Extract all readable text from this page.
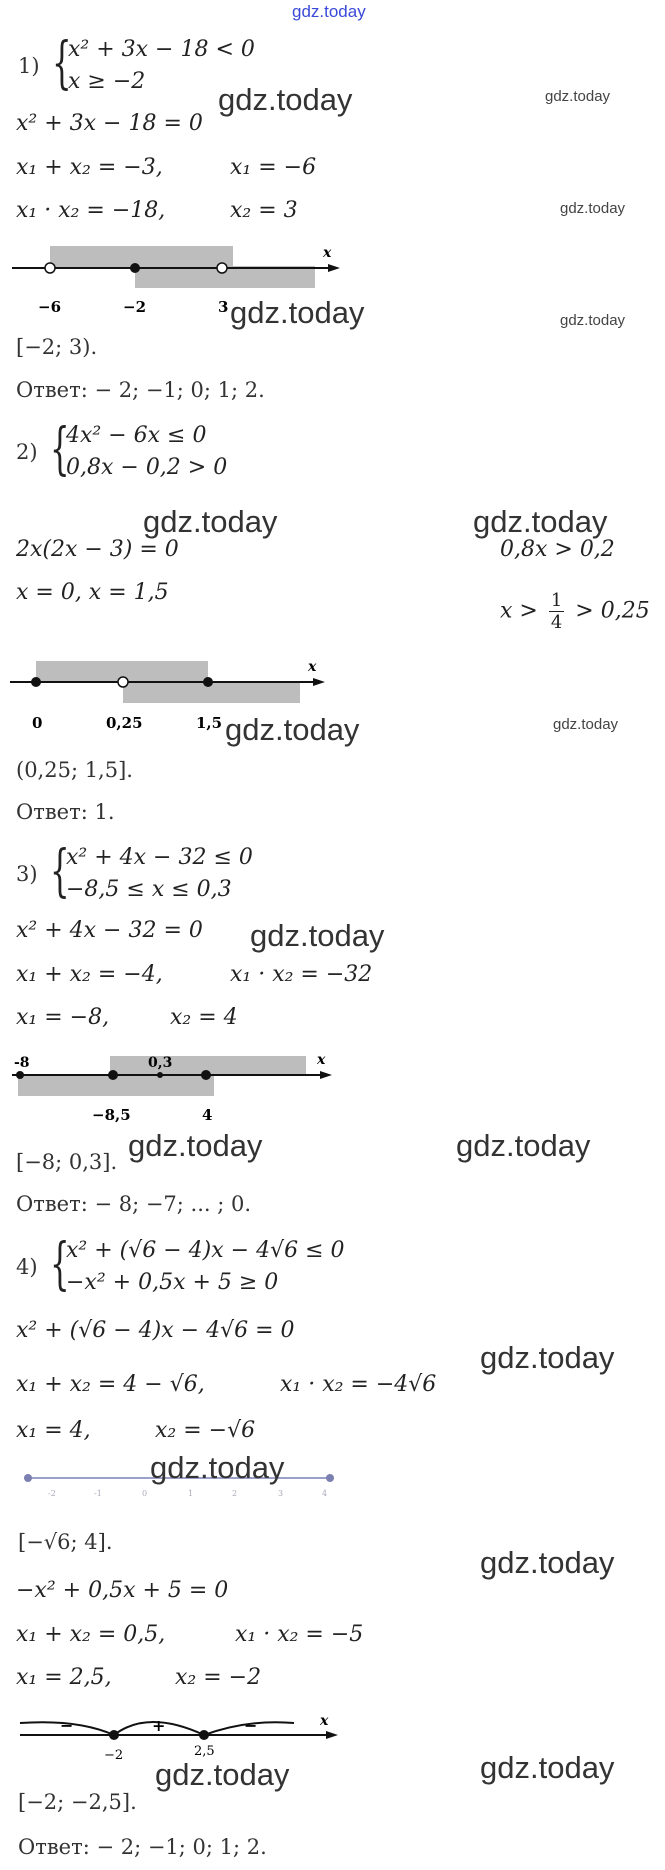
gdz.today
1) {
x² + 3x − 18 < 0
x ≥ −2
x² + 3x − 18 = 0
x₁ + x₂ = −3,	x₁ = −6
x₁ · x₂ = −18,	x₂ = 3
x
−6	−2	3
[−2; 3).
Ответ: − 2; −1; 0; 1; 2.
2) {
4x² − 6x ≤ 0
0,8x − 0,2 > 0
2x(2x − 3) = 0
x = 0, x = 1,5
0,8x > 0,2
$x > \frac{1}{4} > 0,25$
x
0	0,25	1,5
(0,25; 1,5].
Ответ: 1.
3) {
x² + 4x − 32 ≤ 0
−8,5 ≤ x ≤ 0,3
x² + 4x − 32 = 0
x₁ + x₂ = −4,	x₁ · x₂ = −32
x₁ = −8,	x₂ = 4
x
-8	0,3
−8,5	4
[−8; 0,3].
Ответ: − 8; −7; ... ; 0.
4) {
x² + (√6 − 4)x − 4√6 ≤ 0
−x² + 0,5x + 5 ≥ 0
x² + (√6 − 4)x − 4√6 = 0
x₁ + x₂ = 4 − √6,	x₁ · x₂ = −4√6
x₁ = 4,	x₂ = −√6
-2	-1	0	1	2	3	4
[−√6; 4].
−x² + 0,5x + 5 = 0
x₁ + x₂ = 0,5,	x₁ · x₂ = −5
x₁ = 2,5,	x₂ = −2
x
−	+	−
−2	2,5
[−2; −2,5].
Ответ: − 2; −1; 0; 1; 2.
gdz.today	gdz.today
gdz.today
gdz.today	gdz.today
gdz.today	gdz.today
gdz.today	gdz.today
gdz.today
gdz.today	gdz.today
gdz.today
gdz.today
gdz.today
gdz.today
gdz.today
